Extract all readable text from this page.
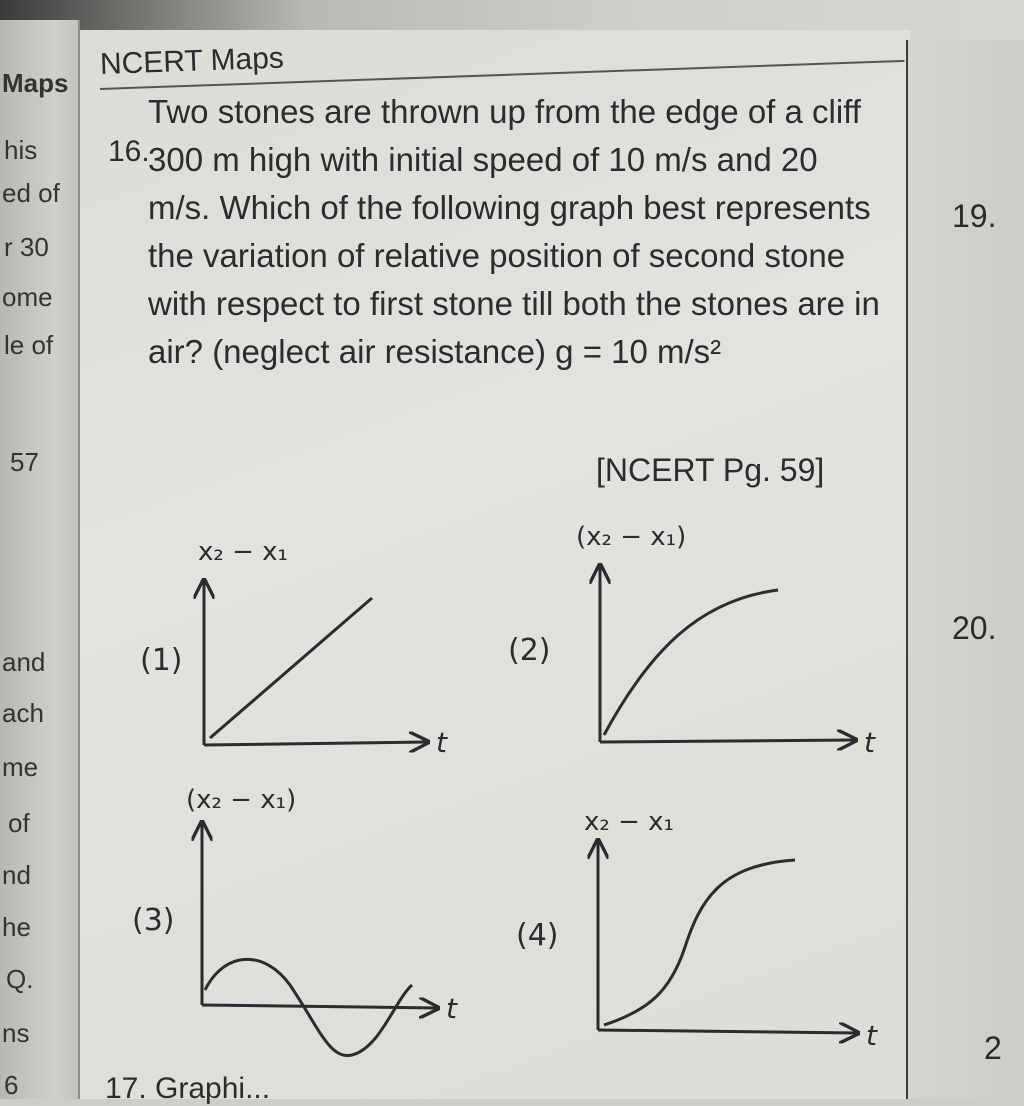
Maps
his
ed of
r 30
ome
le of
57
and
ach
me
of
nd
he
Q.
ns
6
NCERT Maps
16.
Two stones are thrown up from the edge of a cliff 300 m high with initial speed of 10 m/s and 20 m/s. Which of the following graph best represents the variation of relative position of second stone with respect to first stone till both the stones are in air? (neglect air resistance) g = 10 m/s²
[NCERT Pg. 59]
19.
20.
2
(1)
x₂ − x₁
t
(2)
(x₂ − x₁)
t
(3)
(x₂ − x₁)
t
(4)
x₂ − x₁
t
17. Graphi...
